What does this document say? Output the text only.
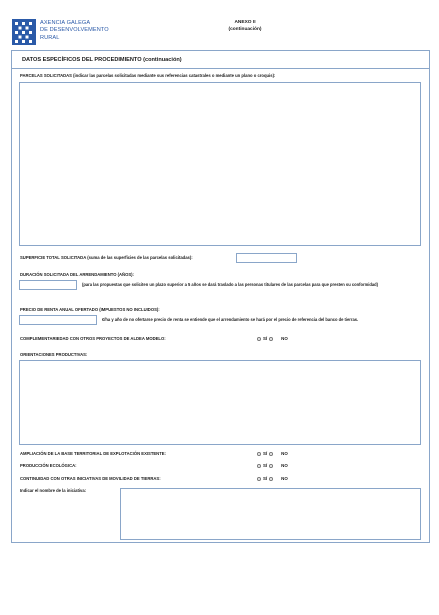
AXENCIA GALEGA
DE DESENVOLVEMENTO
RURAL
ANEXO II
(continuación)
DATOS ESPECÍFICOS DEL PROCEDIMIENTO (continuación)
PARCELAS SOLICITADAS (indicar las parcelas solicitadas mediante sus referencias catastrales o mediante un plano o croquis):
SUPERFICIE TOTAL SOLICITADA (suma de las superficies de las parcelas solicitadas):
DURACIÓN SOLICITADA DEL ARRENDAMIENTO (AÑOS):
(para las propuestas que soliciten un plazo superior a 5 años se dará traslado a las personas titulares de las parcelas para que presten su conformidad)
PRECIO DE RENTA ANUAL OFERTADO (IMPUESTOS NO INCLUIDOS):
€/ha y año de no ofertarse precio de renta se entiende que el arrendamiento se hará por el precio de referencia del banco de tierras.
COMPLEMENTARIEDAD CON OTROS PROYECTOS DE ALDEA MODELO:	SÍ	NO
ORIENTACIONES PRODUCTIVAS:
AMPLIACIÓN DE LA BASE TERRITORIAL DE EXPLOTACIÓN EXISTENTE:	SÍ	NO
PRODUCCIÓN ECOLÓGICA:	SÍ	NO
CONTINUIDAD CON OTRAS INICIATIVAS DE MOVILIDAD DE TIERRAS:	SÍ	NO
Indicar el nombre de la iniciativa:
